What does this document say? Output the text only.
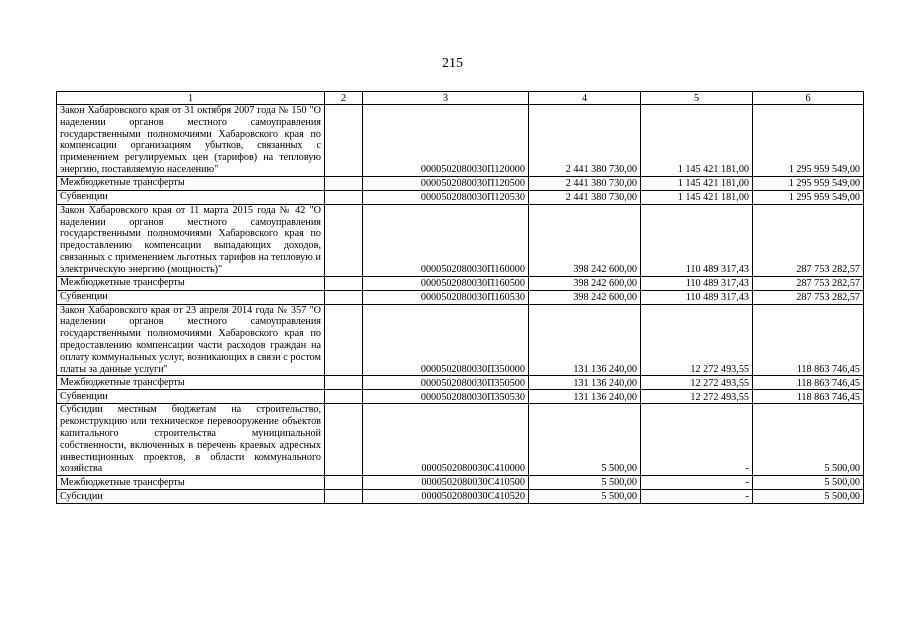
215
1	2	3	4	5	6
Закон Хабаровского края от 31 октября 2007 года № 150 "О наделении органов местного самоуправления государственными полномочиями Хабаровского края по компенсации организациям убытков, связанных с применением регулируемых цен (тарифов) на тепловую энергию, поставляемую населению"		0000502080030П120000	2 441 380 730,00	1 145 421 181,00	1 295 959 549,00
Межбюджетные трансферты		0000502080030П120500	2 441 380 730,00	1 145 421 181,00	1 295 959 549,00
Субвенции		0000502080030П120530	2 441 380 730,00	1 145 421 181,00	1 295 959 549,00
Закон Хабаровского края от 11 марта 2015 года № 42 "О наделении органов местного самоуправления государственными полномочиями Хабаровского края по предоставлению компенсации выпадающих доходов, связанных с применением льготных тарифов на тепловую и электрическую энергию (мощность)"		0000502080030П160000	398 242 600,00	110 489 317,43	287 753 282,57
Межбюджетные трансферты		0000502080030П160500	398 242 600,00	110 489 317,43	287 753 282,57
Субвенции		0000502080030П160530	398 242 600,00	110 489 317,43	287 753 282,57
Закон Хабаровского края от 23 апреля 2014 года № 357 "О наделении органов местного самоуправления государственными полномочиями Хабаровского края по предоставлению компенсации части расходов граждан на оплату коммунальных услуг, возникающих в связи с ростом платы за данные услуги"		0000502080030П350000	131 136 240,00	12 272 493,55	118 863 746,45
Межбюджетные трансферты		0000502080030П350500	131 136 240,00	12 272 493,55	118 863 746,45
Субвенции		0000502080030П350530	131 136 240,00	12 272 493,55	118 863 746,45
Субсидии местным бюджетам на строительство, реконструкцию или техническое перевооружение объектов капитального строительства муниципальной собственности, включенных в перечень краевых адресных инвестиционных проектов, в области коммунального хозяйства		0000502080030С410000	5 500,00	-	5 500,00
Межбюджетные трансферты		0000502080030С410500	5 500,00	-	5 500,00
Субсидии		0000502080030С410520	5 500,00	-	5 500,00
